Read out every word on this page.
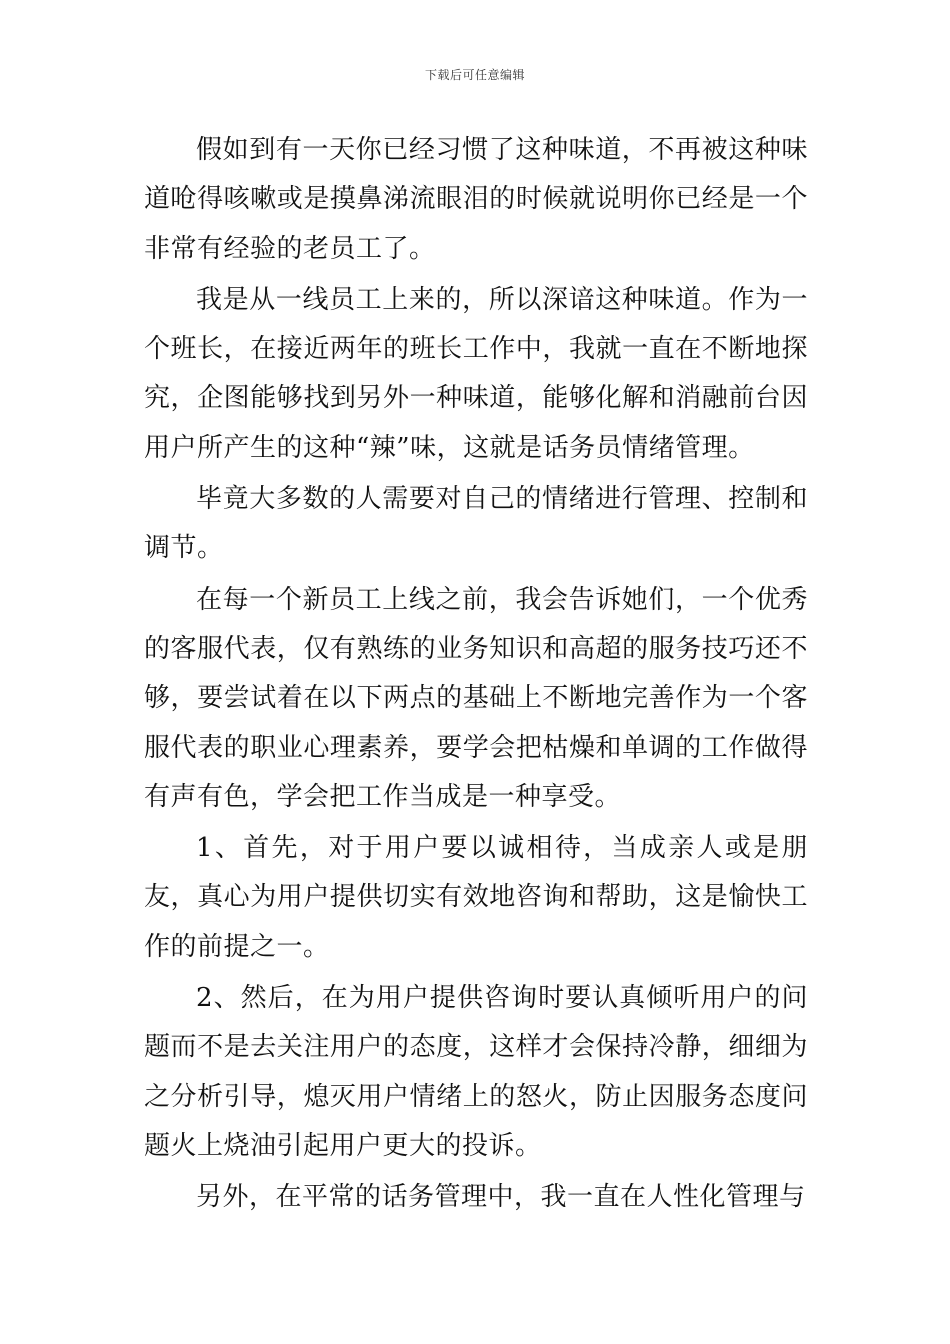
下载后可任意编辑

假如到有一天你已经习惯了这种味道，不再被这种味道呛得咳嗽或是摸鼻涕流眼泪的时候就说明你已经是一个非常有经验的老员工了。

我是从一线员工上来的，所以深谙这种味道。作为一个班长，在接近两年的班长工作中，我就一直在不断地探究，企图能够找到另外一种味道，能够化解和消融前台因用户所产生的这种“辣”味，这就是话务员情绪管理。

毕竟大多数的人需要对自己的情绪进行管理、控制和调节。

在每一个新员工上线之前，我会告诉她们，一个优秀的客服代表，仅有熟练的业务知识和高超的服务技巧还不够，要尝试着在以下两点的基础上不断地完善作为一个客服代表的职业心理素养，要学会把枯燥和单调的工作做得有声有色，学会把工作当成是一种享受。

1、首先，对于用户要以诚相待，当成亲人或是朋友，真心为用户提供切实有效地咨询和帮助，这是愉快工作的前提之一。

2、然后，在为用户提供咨询时要认真倾听用户的问题而不是去关注用户的态度，这样才会保持冷静，细细为之分析引导，熄灭用户情绪上的怒火，防止因服务态度问题火上烧油引起用户更大的投诉。

另外，在平常的话务管理中，我一直在人性化管理与
